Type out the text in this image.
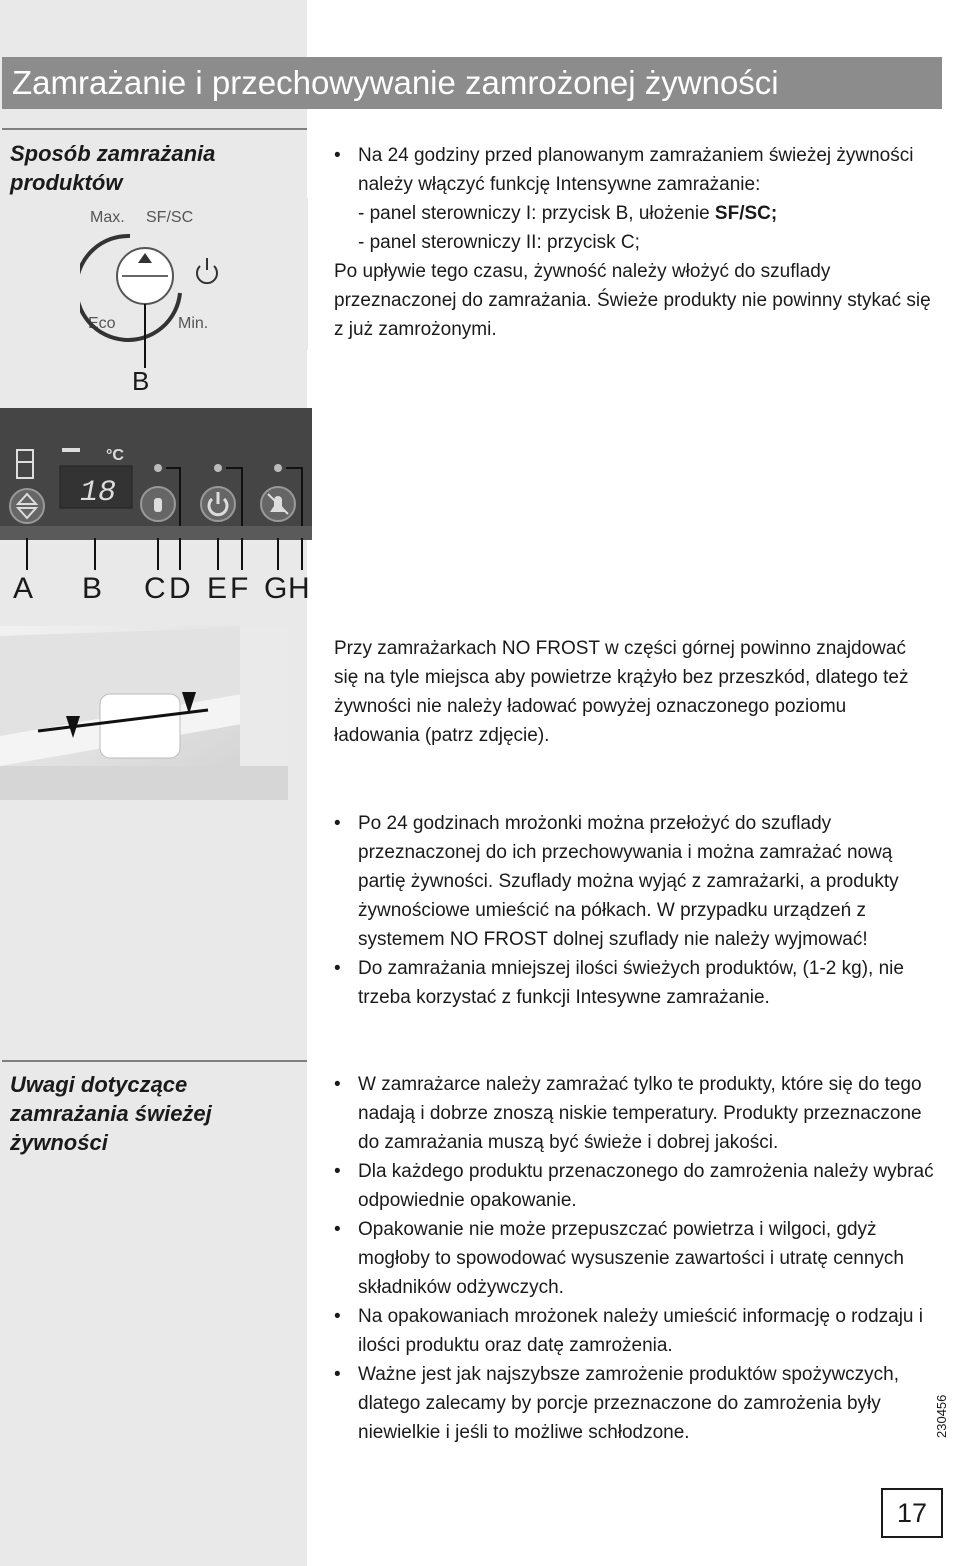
Zamrażanie i przechowywanie zamrożonej żywności
Sposób zamrażania produktów
Max. SF/SC
Eco	Min.
B
• Na 24 godziny przed planowanym zamrażaniem świeżej żywności należy włączyć funkcję Intensywne zamrażanie:
- panel sterowniczy I: przycisk B, ułożenie SF/SC;
- panel sterowniczy II: przycisk C;
Po upływie tego czasu, żywność należy włożyć do szuflady przeznaczonej do zamrażania. Świeże produkty nie powinny stykać się z już zamrożonymi.
°C
18
A B C D E F G H
Przy zamrażarkach NO FROST w części górnej powinno znajdować się na tyle miejsca aby powietrze krążyło bez przeszkód, dlatego też żywności nie należy ładować powyżej oznaczonego poziomu ładowania (patrz zdjęcie).
• Po 24 godzinach mrożonki można przełożyć do szuflady przeznaczonej do ich przechowywania i można zamrażać nową partię żywności. Szuflady można wyjąć z zamrażarki, a produkty żywnościowe umieścić na półkach. W przypadku urządzeń z systemem NO FROST dolnej szuflady nie należy wyjmować!
• Do zamrażania mniejszej ilości świeżych produktów, (1-2 kg), nie trzeba korzystać z funkcji Intesywne zamrażanie.
Uwagi dotyczące zamrażania świeżej żywności
• W zamrażarce należy zamrażać tylko te produkty, które się do tego nadają i dobrze znoszą niskie temperatury. Produkty przeznaczone do zamrażania muszą być świeże i dobrej jakości.
• Dla każdego produktu przenaczonego do zamrożenia należy wybrać odpowiednie opakowanie.
• Opakowanie nie może przepuszczać powietrza i wilgoci, gdyż mogłoby to spowodować wysuszenie zawartości i utratę cennych składników odżywczych.
• Na opakowaniach mrożonek należy umieścić informację o rodzaju i ilości produktu oraz datę zamrożenia.
• Ważne jest jak najszybsze zamrożenie produktów spożywczych, dlatego zalecamy by porcje przeznaczone do zamrożenia były niewielkie i jeśli to możliwe schłodzone.	230456
17
